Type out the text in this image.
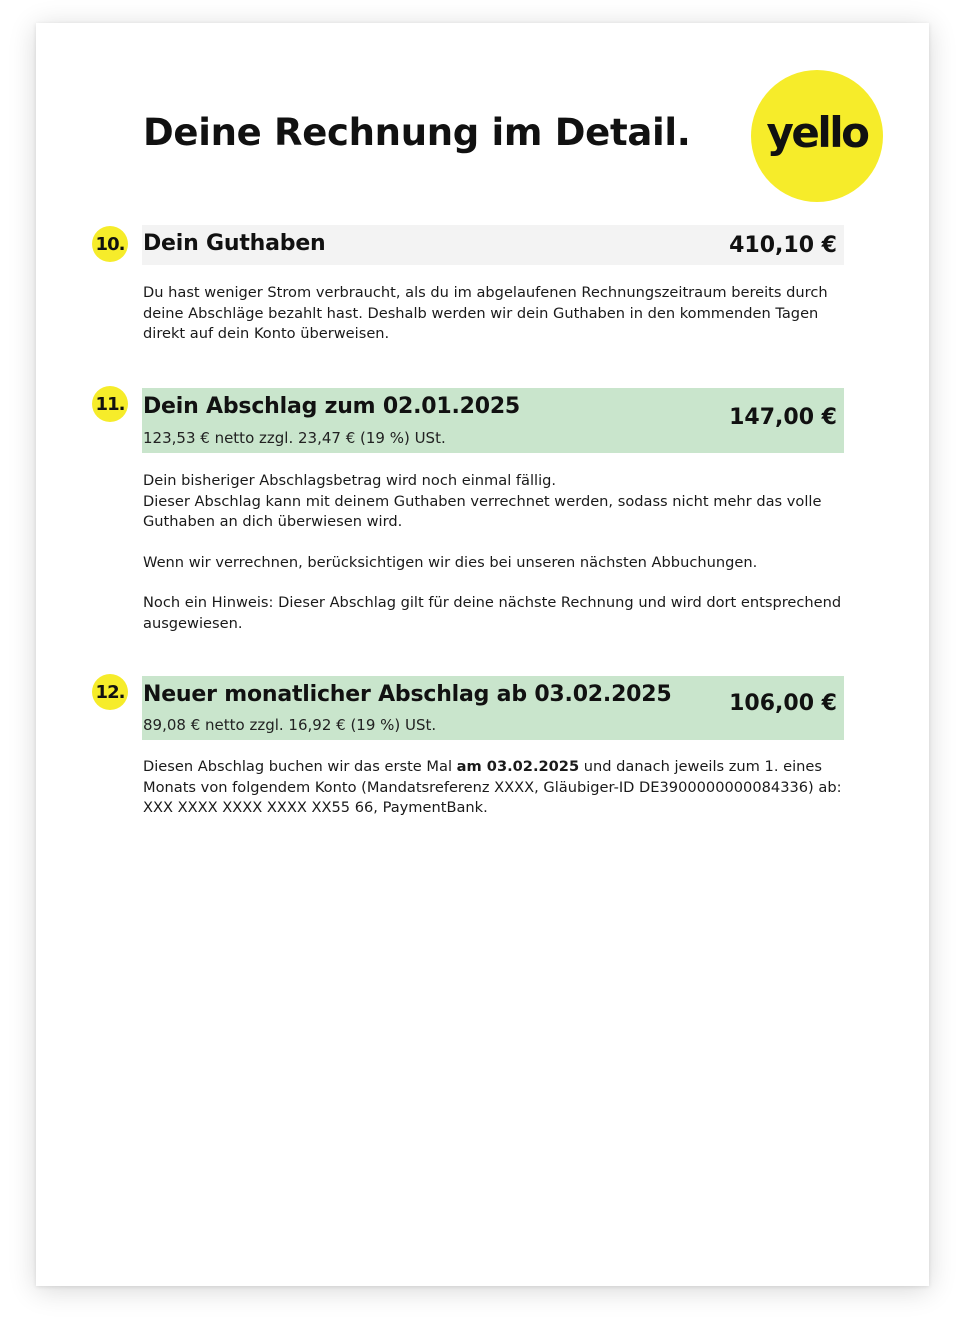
Deine Rechnung im Detail. yello
10. Dein Guthaben	410,10 €

Du hast weniger Strom verbraucht, als du im abgelaufenen Rechnungszeitraum bereits durch deine Abschläge bezahlt hast. Deshalb werden wir dein Guthaben in den kommenden Tagen direkt auf dein Konto überweisen.

11. Dein Abschlag zum 02.01.2025
123,53 € netto zzgl. 23,47 € (19 %) USt.
147,00 €

Dein bisheriger Abschlagsbetrag wird noch einmal fällig.
Dieser Abschlag kann mit deinem Guthaben verrechnet werden, sodass nicht mehr das volle Guthaben an dich überwiesen wird.

Wenn wir verrechnen, berücksichtigen wir dies bei unseren nächsten Abbuchungen.

Noch ein Hinweis: Dieser Abschlag gilt für deine nächste Rechnung und wird dort entsprechend ausgewiesen.

12. Neuer monatlicher Abschlag ab 03.02.2025
89,08 € netto zzgl. 16,92 € (19 %) USt.
106,00 €

Diesen Abschlag buchen wir das erste Mal am 03.02.2025 und danach jeweils zum 1. eines Monats von folgendem Konto (Mandatsreferenz XXXX, Gläubiger-ID DE3900000000084336) ab: XXX XXXX XXXX XXXX XX55 66, PaymentBank.
